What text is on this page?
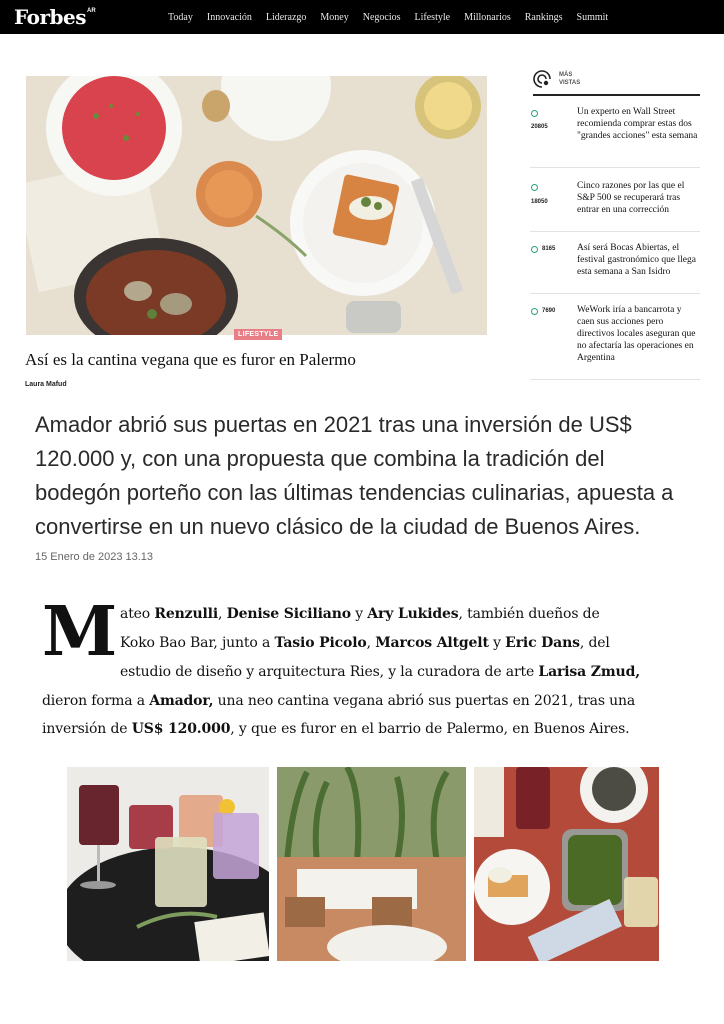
Forbes AR
Today Innovación Liderazgo Money Negocios Lifestyle Millonarios Rankings Summit
LIFESTYLE
Así es la cantina vegana que es furor en Palermo
Laura Mafud
MÁS
VISTAS
20805
Un experto en Wall Street recomienda comprar estas dos "grandes acciones" esta semana
18050
Cinco razones por las que el S&P 500 se recuperará tras entrar en una corrección
8165 Así será Bocas Abiertas, el festival gastronómico que llega esta semana a San Isidro
7690 WeWork iría a bancarrota y caen sus acciones pero directivos locales aseguran que no afectaría las operaciones en Argentina
Amador abrió sus puertas en 2021 tras una inversión de US$ 120.000 y, con una propuesta que combina la tradición del bodegón porteño con las últimas tendencias culinarias, apuesta a convertirse en un nuevo clásico de la ciudad de Buenos Aires.
15 Enero de 2023 13.13
M ateo Renzulli, Denise Siciliano y Ary Lukides, también dueños de
Koko Bao Bar, junto a Tasio Picolo, Marcos Altgelt y Eric Dans, del
estudio de diseño y arquitectura Ries, y la curadora de arte Larisa Zmud,
dieron forma a Amador, una neo cantina vegana abrió sus puertas en 2021, tras una
inversión de US$ 120.000, y que es furor en el barrio de Palermo, en Buenos Aires.
